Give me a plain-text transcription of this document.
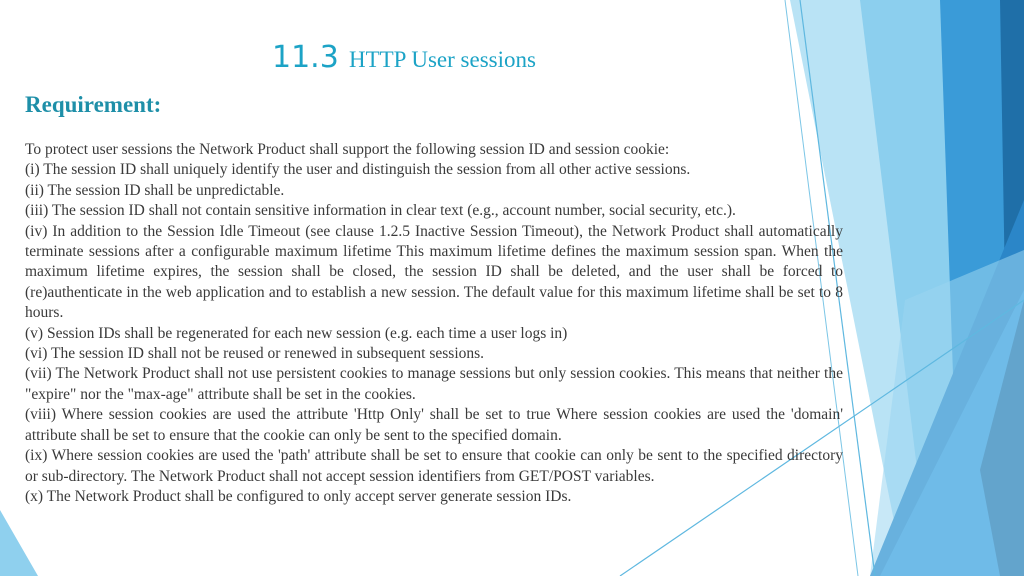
11.3 HTTP User sessions
Requirement:

To protect user sessions the Network Product shall support the following session ID and session cookie:

(i) The session ID shall uniquely identify the user and distinguish the session from all other active sessions.

(ii) The session ID shall be unpredictable.

(iii) The session ID shall not contain sensitive information in clear text (e.g., account number, social security, etc.).

(iv) In addition to the Session Idle Timeout (see clause 1.2.5 Inactive Session Timeout), the Network Product shall automatically terminate sessions after a configurable maximum lifetime This maximum lifetime defines the maximum session span. When the maximum lifetime expires, the session shall be closed, the session ID shall be deleted, and the user shall be forced to (re)authenticate in the web application and to establish a new session. The default value for this maximum lifetime shall be set to 8 hours.

(v) Session IDs shall be regenerated for each new session (e.g. each time a user logs in)

(vi) The session ID shall not be reused or renewed in subsequent sessions.

(vii) The Network Product shall not use persistent cookies to manage sessions but only session cookies. This means that neither the "expire" nor the "max-age" attribute shall be set in the cookies.

(viii) Where session cookies are used the attribute 'Http Only' shall be set to true Where session cookies are used the 'domain' attribute shall be set to ensure that the cookie can only be sent to the specified domain.

(ix) Where session cookies are used the 'path' attribute shall be set to ensure that cookie can only be sent to the specified directory or sub-directory. The Network Product shall not accept session identifiers from GET/POST variables.

(x) The Network Product shall be configured to only accept server generate session IDs.
